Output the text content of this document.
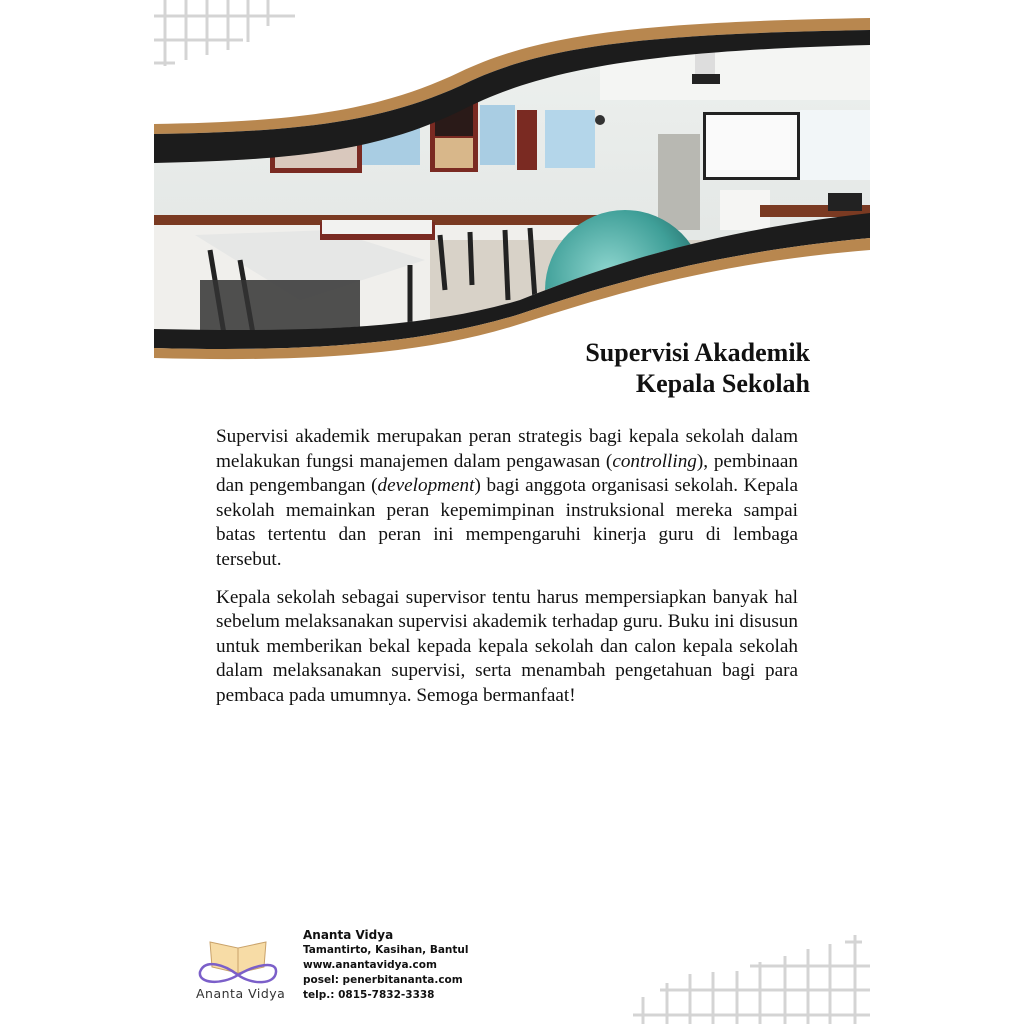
Supervisi Akademik
Kepala Sekolah

Supervisi akademik merupakan peran strategis bagi kepala sekolah dalam melakukan fungsi manajemen dalam pengawasan (controlling), pembinaan dan pengembangan (development) bagi anggota organisasi sekolah. Kepala sekolah memainkan peran kepemimpinan instruksional mereka sampai batas tertentu dan peran ini mempengaruhi kinerja guru di lembaga tersebut.

Kepala sekolah sebagai supervisor tentu harus mempersiapkan banyak hal sebelum melaksanakan supervisi akademik terhadap guru. Buku ini disusun untuk memberikan bekal kepada kepala sekolah dan calon kepala sekolah dalam melaksanakan supervisi, serta menambah pengetahuan bagi para pembaca pada umumnya. Semoga bermanfaat!

Ananta Vidya
Ananta Vidya
Tamantirto, Kasihan, Bantul
www.anantavidya.com
posel: penerbitananta.com
telp.: 0815-7832-3338
